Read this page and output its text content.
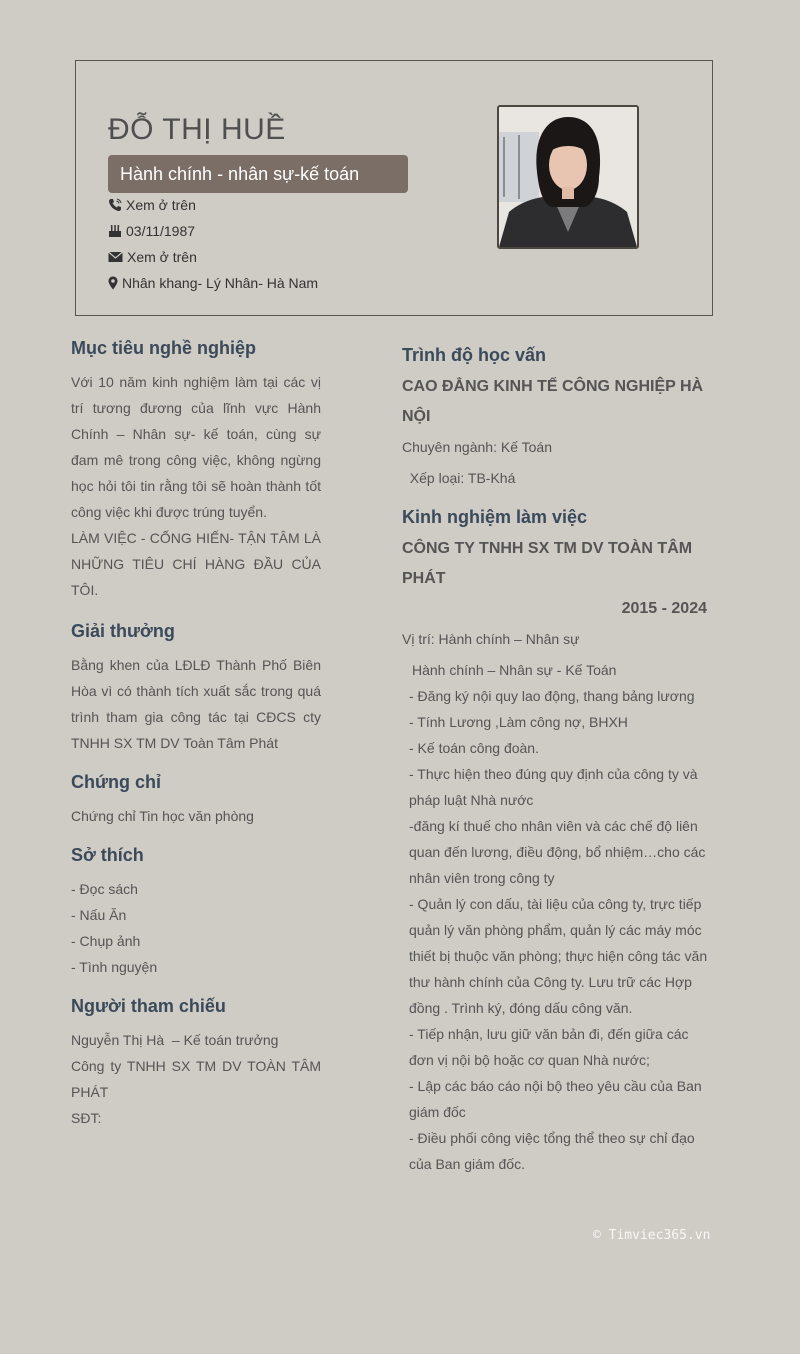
ĐỖ THỊ HUỀ
Hành chính - nhân sự-kế toán
Xem ở trên
03/11/1987
Xem ở trên
Nhân khang- Lý Nhân- Hà Nam
Mục tiêu nghề nghiệp

Với 10 năm kinh nghiệm làm tại các vị trí tương đương của lĩnh vực Hành Chính – Nhân sự- kế toán, cùng sự đam mê trong công việc, không ngừng học hỏi tôi tin rằng tôi sẽ hoàn thành tốt công việc khi được trúng tuyển.

LÀM VIỆC - CỐNG HIẾN- TẬN TÂM LÀ NHỮNG TIÊU CHÍ HÀNG ĐẦU CỦA TÔI.

Giải thưởng

Bằng khen của LĐLĐ Thành Phố Biên Hòa vì có thành tích xuất sắc trong quá trình tham gia công tác tại CĐCS cty TNHH SX TM DV Toàn Tâm Phát

Chứng chỉ

Chứng chỉ Tin học văn phòng

Sở thích

- Đọc sách

- Nấu Ăn

- Chụp ảnh

- Tình nguyện

Người tham chiếu

Nguyễn Thị Hà  – Kế toán trưởng

Công ty TNHH SX TM DV TOÀN TÂM PHÁT

SĐT:

Trình độ học vấn

CAO ĐẲNG KINH TẾ CÔNG NGHIỆP HÀ NỘI

Chuyên ngành: Kế Toán

Xếp loại: TB-Khá

Kinh nghiệm làm việc

CÔNG TY TNHH SX TM DV TOÀN TÂM PHÁT

2015 - 2024

Vị trí: Hành chính – Nhân sự

Hành chính – Nhân sự - Kế Toán

- Đăng ký nội quy lao động, thang bảng lương

- Tính Lương ,Làm công nợ, BHXH

- Kế toán công đoàn.

- Thực hiện theo đúng quy định của công ty và pháp luật Nhà nước

-đăng kí thuế cho nhân viên và các chế độ liên quan đến lương, điều động, bổ nhiệm…cho các nhân viên trong công ty

- Quản lý con dấu, tài liệu của công ty, trực tiếp quản lý văn phòng phẩm, quản lý các máy móc thiết bị thuộc văn phòng; thực hiện công tác văn thư hành chính của Công ty. Lưu trữ các Hợp đồng . Trình ký, đóng dấu công văn.

- Tiếp nhận, lưu giữ văn bản đi, đến giữa các đơn vị nội bộ hoặc cơ quan Nhà nước;

- Lập các báo cáo nội bộ theo yêu cầu của Ban giám đốc

- Điều phối công việc tổng thể theo sự chỉ đạo của Ban giám đốc.

© Timviec365.vn
